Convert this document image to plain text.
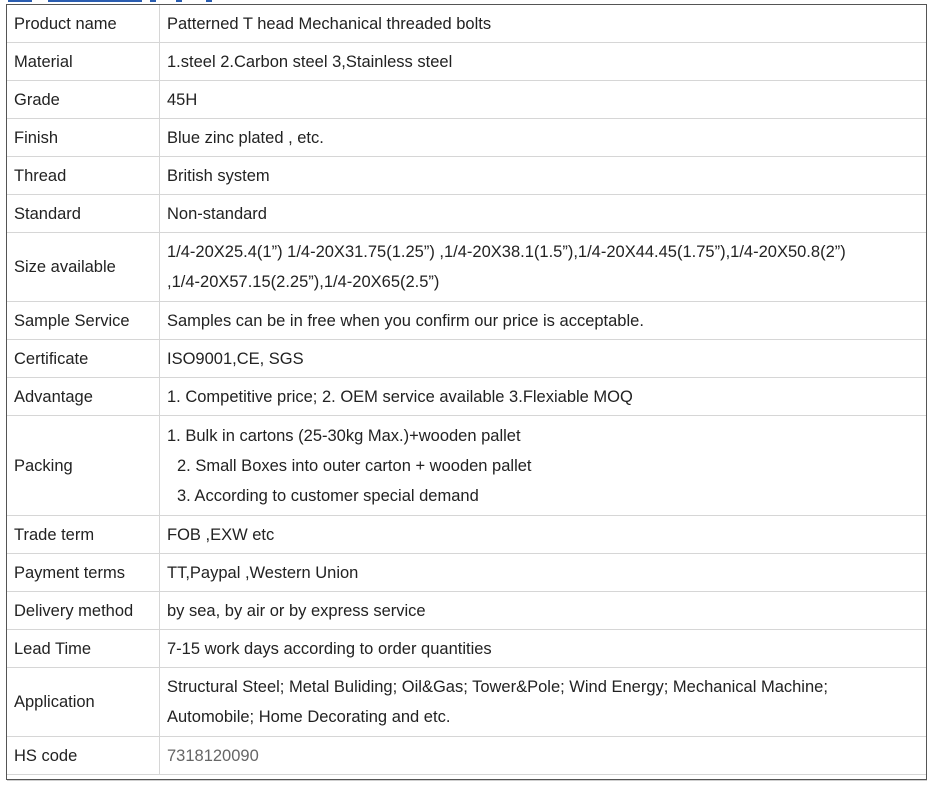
Product name	Patterned T head Mechanical threaded bolts
Material	1.steel 2.Carbon steel 3,Stainless steel
Grade	45H
Finish	Blue zinc plated , etc.
Thread	British system
Standard	Non-standard
Size available	1/4-20X25.4(1”) 1/4-20X31.75(1.25”) ,1/4-20X38.1(1.5”),1/4-20X44.45(1.75”),1/4-20X50.8(2”)
,1/4-20X57.15(2.25”),1/4-20X65(2.5”)

Sample Service	Samples can be in free when you confirm our price is acceptable.
Certificate	ISO9001,CE, SGS
Advantage	1. Competitive price; 2. OEM service available 3.Flexiable MOQ
Packing	1. Bulk in cartons (25-30kg Max.)+wooden pallet
2. Small Boxes into outer carton + wooden pallet
3. According to customer special demand

Trade term	FOB ,EXW etc
Payment terms	TT,Paypal ,Western Union
Delivery method	by sea, by air or by express service
Lead Time	7-15 work days according to order quantities
Application	Structural Steel; Metal Buliding; Oil&Gas; Tower&Pole; Wind Energy; Mechanical Machine;
Automobile; Home Decorating and etc.

HS code	7318120090
